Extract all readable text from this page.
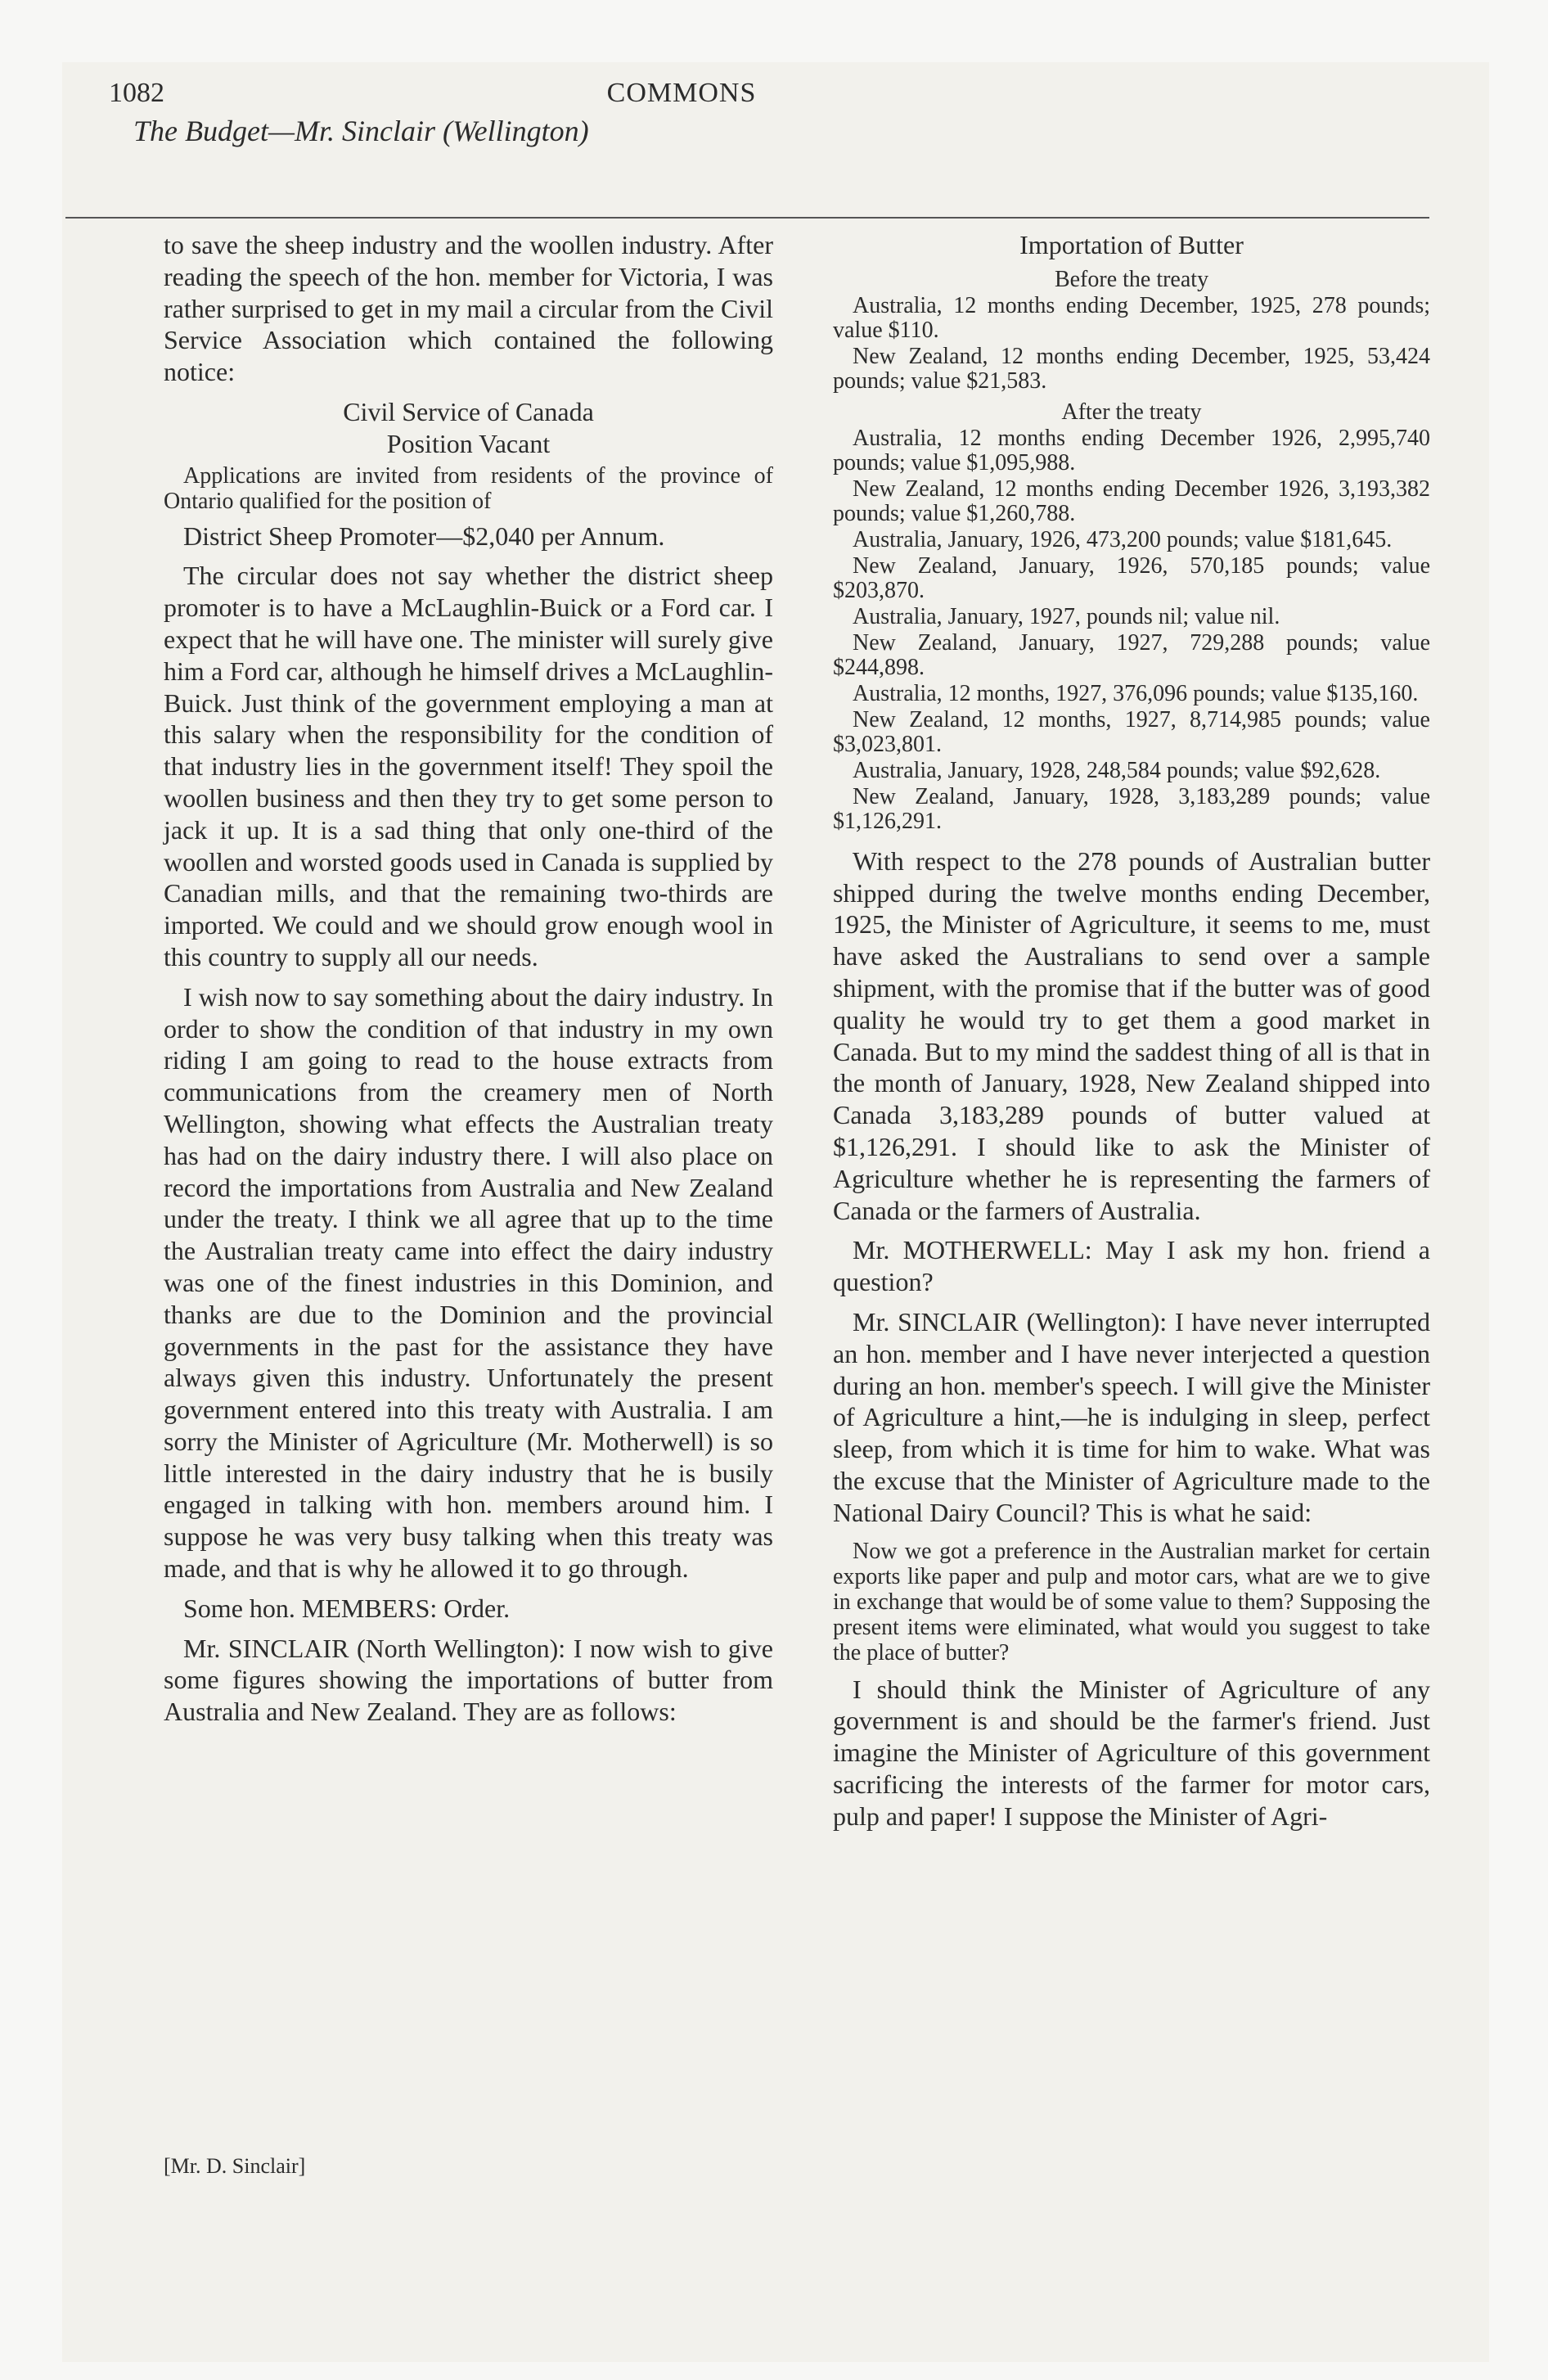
1082	COMMONS
The Budget—Mr. Sinclair (Wellington)

to save the sheep industry and the woollen industry. After reading the speech of the hon. member for Victoria, I was rather surprised to get in my mail a circular from the Civil Service Association which contained the following notice:

Civil Service of Canada
Position Vacant

Applications are invited from residents of the province of Ontario qualified for the position of

District Sheep Promoter—$2,040 per Annum.

The circular does not say whether the district sheep promoter is to have a McLaughlin-Buick or a Ford car. I expect that he will have one. The minister will surely give him a Ford car, although he himself drives a McLaughlin-Buick. Just think of the government employing a man at this salary when the responsibility for the condition of that industry lies in the government itself! They spoil the woollen business and then they try to get some person to jack it up. It is a sad thing that only one-third of the woollen and worsted goods used in Canada is supplied by Canadian mills, and that the remaining two-thirds are imported. We could and we should grow enough wool in this country to supply all our needs.

I wish now to say something about the dairy industry. In order to show the condition of that industry in my own riding I am going to read to the house extracts from communications from the creamery men of North Wellington, showing what effects the Australian treaty has had on the dairy industry there. I will also place on record the importations from Australia and New Zealand under the treaty. I think we all agree that up to the time the Australian treaty came into effect the dairy industry was one of the finest industries in this Dominion, and thanks are due to the Dominion and the provincial governments in the past for the assistance they have always given this industry. Unfortunately the present government entered into this treaty with Australia. I am sorry the Minister of Agriculture (Mr. Motherwell) is so little interested in the dairy industry that he is busily engaged in talking with hon. members around him. I suppose he was very busy talking when this treaty was made, and that is why he allowed it to go through.

Some hon. MEMBERS: Order.

Mr. SINCLAIR (North Wellington): I now wish to give some figures showing the importations of butter from Australia and New Zealand. They are as follows:

[Mr. D. Sinclair]
Importation of Butter
Before the treaty

Australia, 12 months ending December, 1925, 278 pounds; value $110.

New Zealand, 12 months ending December, 1925, 53,424 pounds; value $21,583.

After the treaty

Australia, 12 months ending December 1926, 2,995,740 pounds; value $1,095,988.

New Zealand, 12 months ending December 1926, 3,193,382 pounds; value $1,260,788.

Australia, January, 1926, 473,200 pounds; value $181,645.

New Zealand, January, 1926, 570,185 pounds; value $203,870.

Australia, January, 1927, pounds nil; value nil.

New Zealand, January, 1927, 729,288 pounds; value $244,898.

Australia, 12 months, 1927, 376,096 pounds; value $135,160.

New Zealand, 12 months, 1927, 8,714,985 pounds; value $3,023,801.

Australia, January, 1928, 248,584 pounds; value $92,628.

New Zealand, January, 1928, 3,183,289 pounds; value $1,126,291.

With respect to the 278 pounds of Australian butter shipped during the twelve months ending December, 1925, the Minister of Agriculture, it seems to me, must have asked the Australians to send over a sample shipment, with the promise that if the butter was of good quality he would try to get them a good market in Canada. But to my mind the saddest thing of all is that in the month of January, 1928, New Zealand shipped into Canada 3,183,289 pounds of butter valued at $1,126,291. I should like to ask the Minister of Agriculture whether he is representing the farmers of Canada or the farmers of Australia.

Mr. MOTHERWELL: May I ask my hon. friend a question?

Mr. SINCLAIR (Wellington): I have never interrupted an hon. member and I have never interjected a question during an hon. member's speech. I will give the Minister of Agriculture a hint,—he is indulging in sleep, perfect sleep, from which it is time for him to wake. What was the excuse that the Minister of Agriculture made to the National Dairy Council? This is what he said:

Now we got a preference in the Australian market for certain exports like paper and pulp and motor cars, what are we to give in exchange that would be of some value to them? Supposing the present items were eliminated, what would you suggest to take the place of butter?

I should think the Minister of Agriculture of any government is and should be the farmer's friend. Just imagine the Minister of Agriculture of this government sacrificing the interests of the farmer for motor cars, pulp and paper! I suppose the Minister of Agri-
